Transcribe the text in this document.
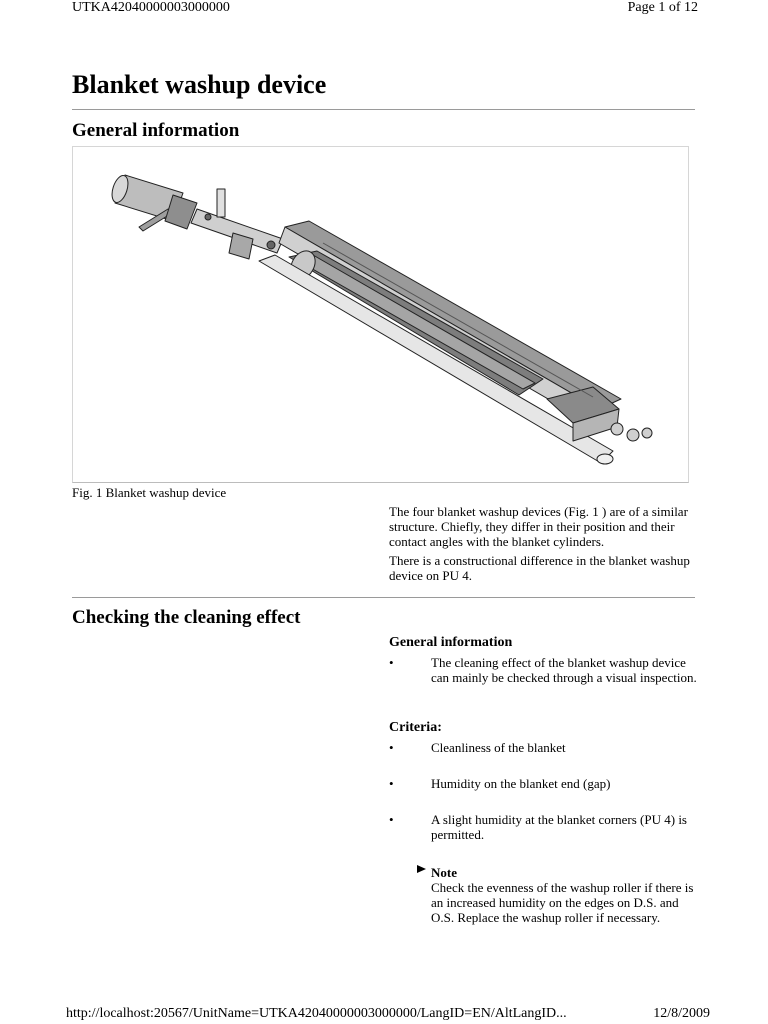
UTKA42040000003000000	Page 1 of 12
Blanket washup device
General information
Fig. 1 Blanket washup device
The four blanket washup devices (Fig. 1 ) are of a similar structure. Chiefly, they differ in their position and their contact angles with the blanket cylinders.
There is a constructional difference in the blanket washup device on PU 4.
Checking the cleaning effect
General information
•	The cleaning effect of the blanket washup device can mainly be checked through a visual inspection.
Criteria:
•	Cleanliness of the blanket
•	Humidity on the blanket end (gap)
•	A slight humidity at the blanket corners (PU 4) is permitted.
Note
Check the evenness of the washup roller if there is an increased humidity on the edges on D.S. and O.S. Replace the washup roller if necessary.
http://localhost:20567/UnitName=UTKA42040000003000000/LangID=EN/AltLangID...	12/8/2009
